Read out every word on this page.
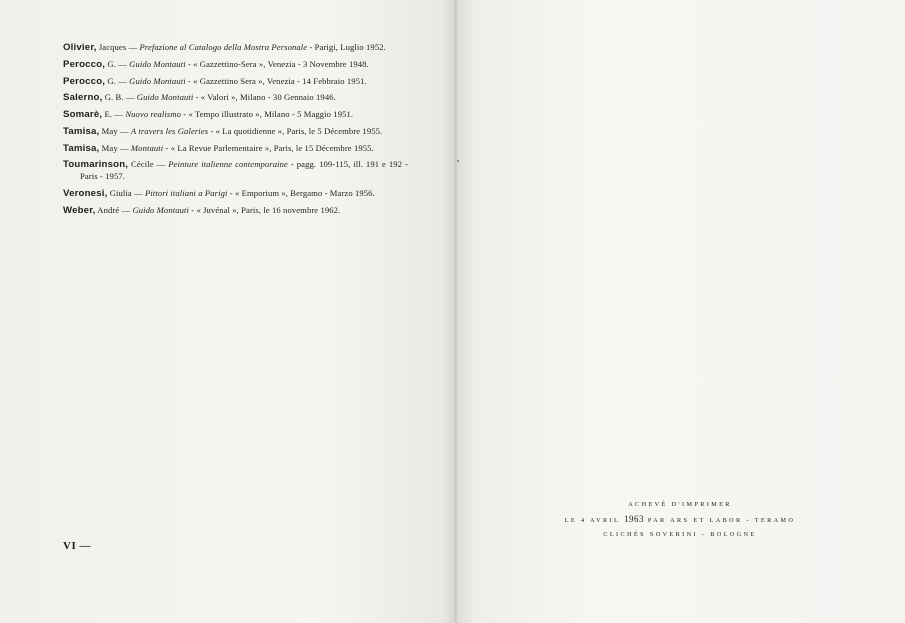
Olivier, Jacques — Prefazione al Catalogo della Mostra Personale - Parigi, Luglio 1952.
Perocco, G. — Guido Montauti - « Gazzettino-Sera », Venezia - 3 Novembre 1948.
Perocco, G. — Guido Montauti - « Gazzettino Sera », Venezia - 14 Febbraio 1951.
Salerno, G. B. — Guido Montauti - « Valori », Milano - 30 Gennaio 1946.
Somarè, E. — Nuovo realismo - « Tempo illustrato », Milano - 5 Maggio 1951.
Tamisa, May — A travers les Galeries - « La quotidienne », Paris, le 5 Décembre 1955.
Tamisa, May — Montauti - « La Revue Parlementaire », Paris, le 15 Décembre 1955.
Toumarinson, Cécile — Peinture italienne contemporaine - pagg. 109-115, ill. 191 e 192 - Paris - 1957.
Veronesi, Giulia — Pittori italiani a Parigi - « Emporium », Bergamo - Marzo 1956.
Weber, André — Guido Montauti - « Juvénal », Paris, le 16 novembre 1962.
VI —
ACHEVÉ D'IMPRIMER
LE 4 AVRIL 1963 PAR ARS ET LABOR - TERAMO
CLICHÉS SOVERINI - BOLOGNE
